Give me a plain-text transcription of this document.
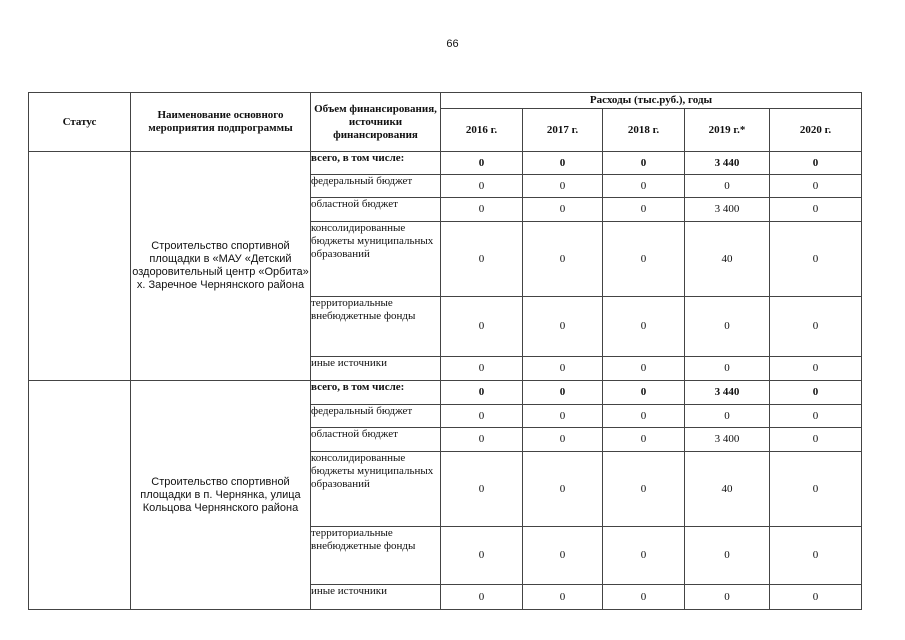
66
Статус	Наименование основного мероприятия подпрограммы	Объем финансирования, источники финансирования	Расходы (тыс.руб.), годы				
			2016 г.	2017 г.	2018 г.	2019 г.*	2020 г.
	Строительство спортивной площадки в «МАУ «Детский оздоровительный центр «Орбита» х. Заречное Чернянского района	всего, в том числе:	0	0	0	3 440	0
		федеральный бюджет	0	0	0	0	0
		областной бюджет	0	0	0	3 400	0
		консолидированные бюджеты муниципальных образований	0	0	0	40	0
		территориальные внебюджетные фонды	0	0	0	0	0
		иные источники	0	0	0	0	0
	Строительство спортивной площадки в п. Чернянка, улица Кольцова Чернянского района	всего, в том числе:	0	0	0	3 440	0
		федеральный бюджет	0	0	0	0	0
		областной бюджет	0	0	0	3 400	0
		консолидированные бюджеты муниципальных образований	0	0	0	40	0
		территориальные внебюджетные фонды	0	0	0	0	0
		иные источники	0	0	0	0	0
